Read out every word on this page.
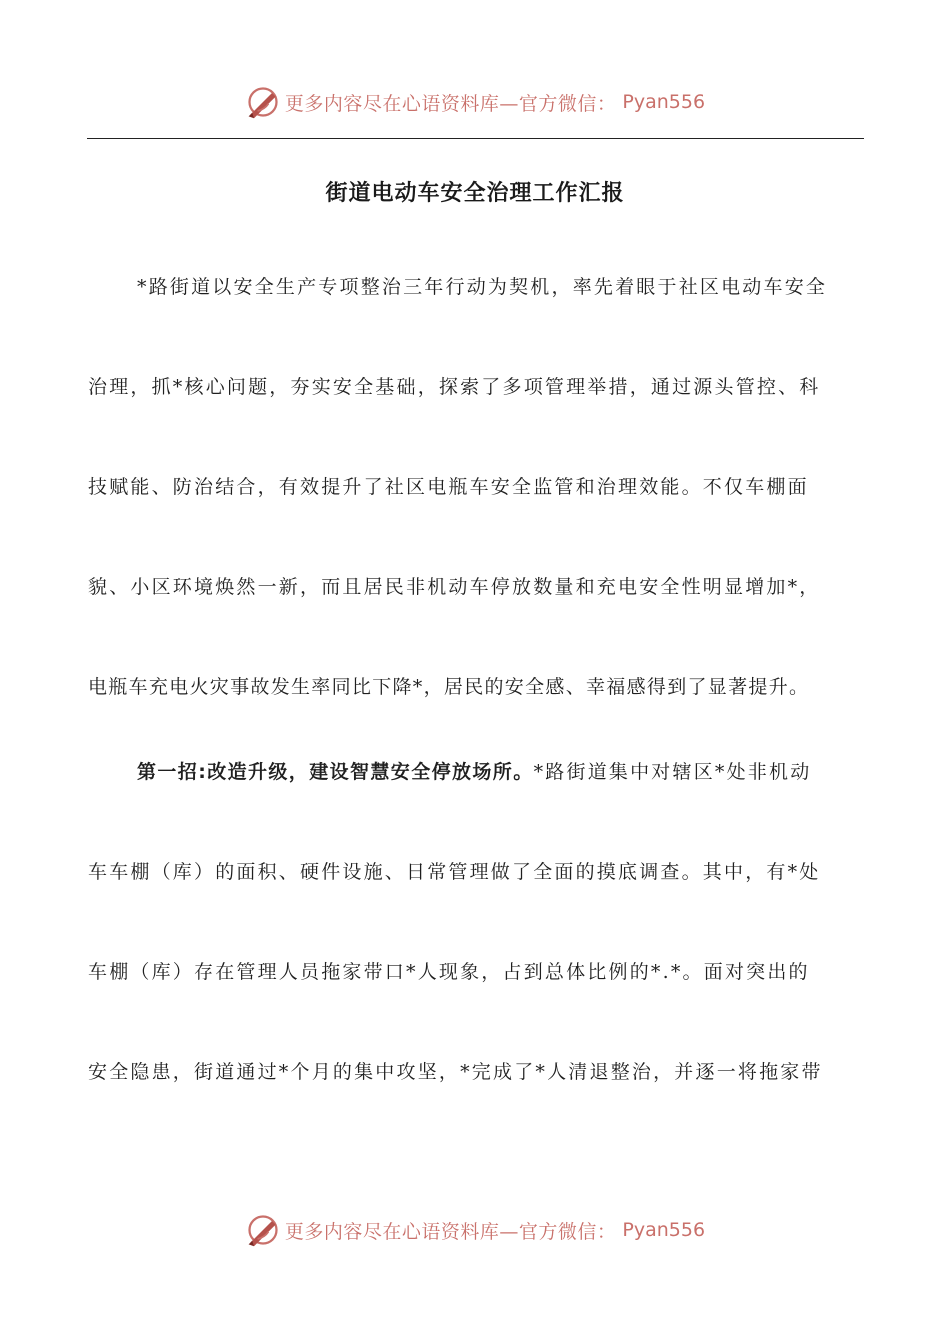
更多内容尽在心语资料库—官方微信： Pyan556
街道电动车安全治理工作汇报
*路街道以安全生产专项整治三年行动为契机，率先着眼于社区电动车安全
治理，抓*核心问题，夯实安全基础，探索了多项管理举措，通过源头管控、科
技赋能、防治结合，有效提升了社区电瓶车安全监管和治理效能。不仅车棚面
貌、小区环境焕然一新，而且居民非机动车停放数量和充电安全性明显增加*，
电瓶车充电火灾事故发生率同比下降*，居民的安全感、幸福感得到了显著提升。
第一招:改造升级，建设智慧安全停放场所。*路街道集中对辖区*处非机动
车车棚（库）的面积、硬件设施、日常管理做了全面的摸底调查。其中，有*处
车棚（库）存在管理人员拖家带口*人现象，占到总体比例的*.*。面对突出的
安全隐患，街道通过*个月的集中攻坚，*完成了*人清退整治，并逐一将拖家带
更多内容尽在心语资料库—官方微信： Pyan556
